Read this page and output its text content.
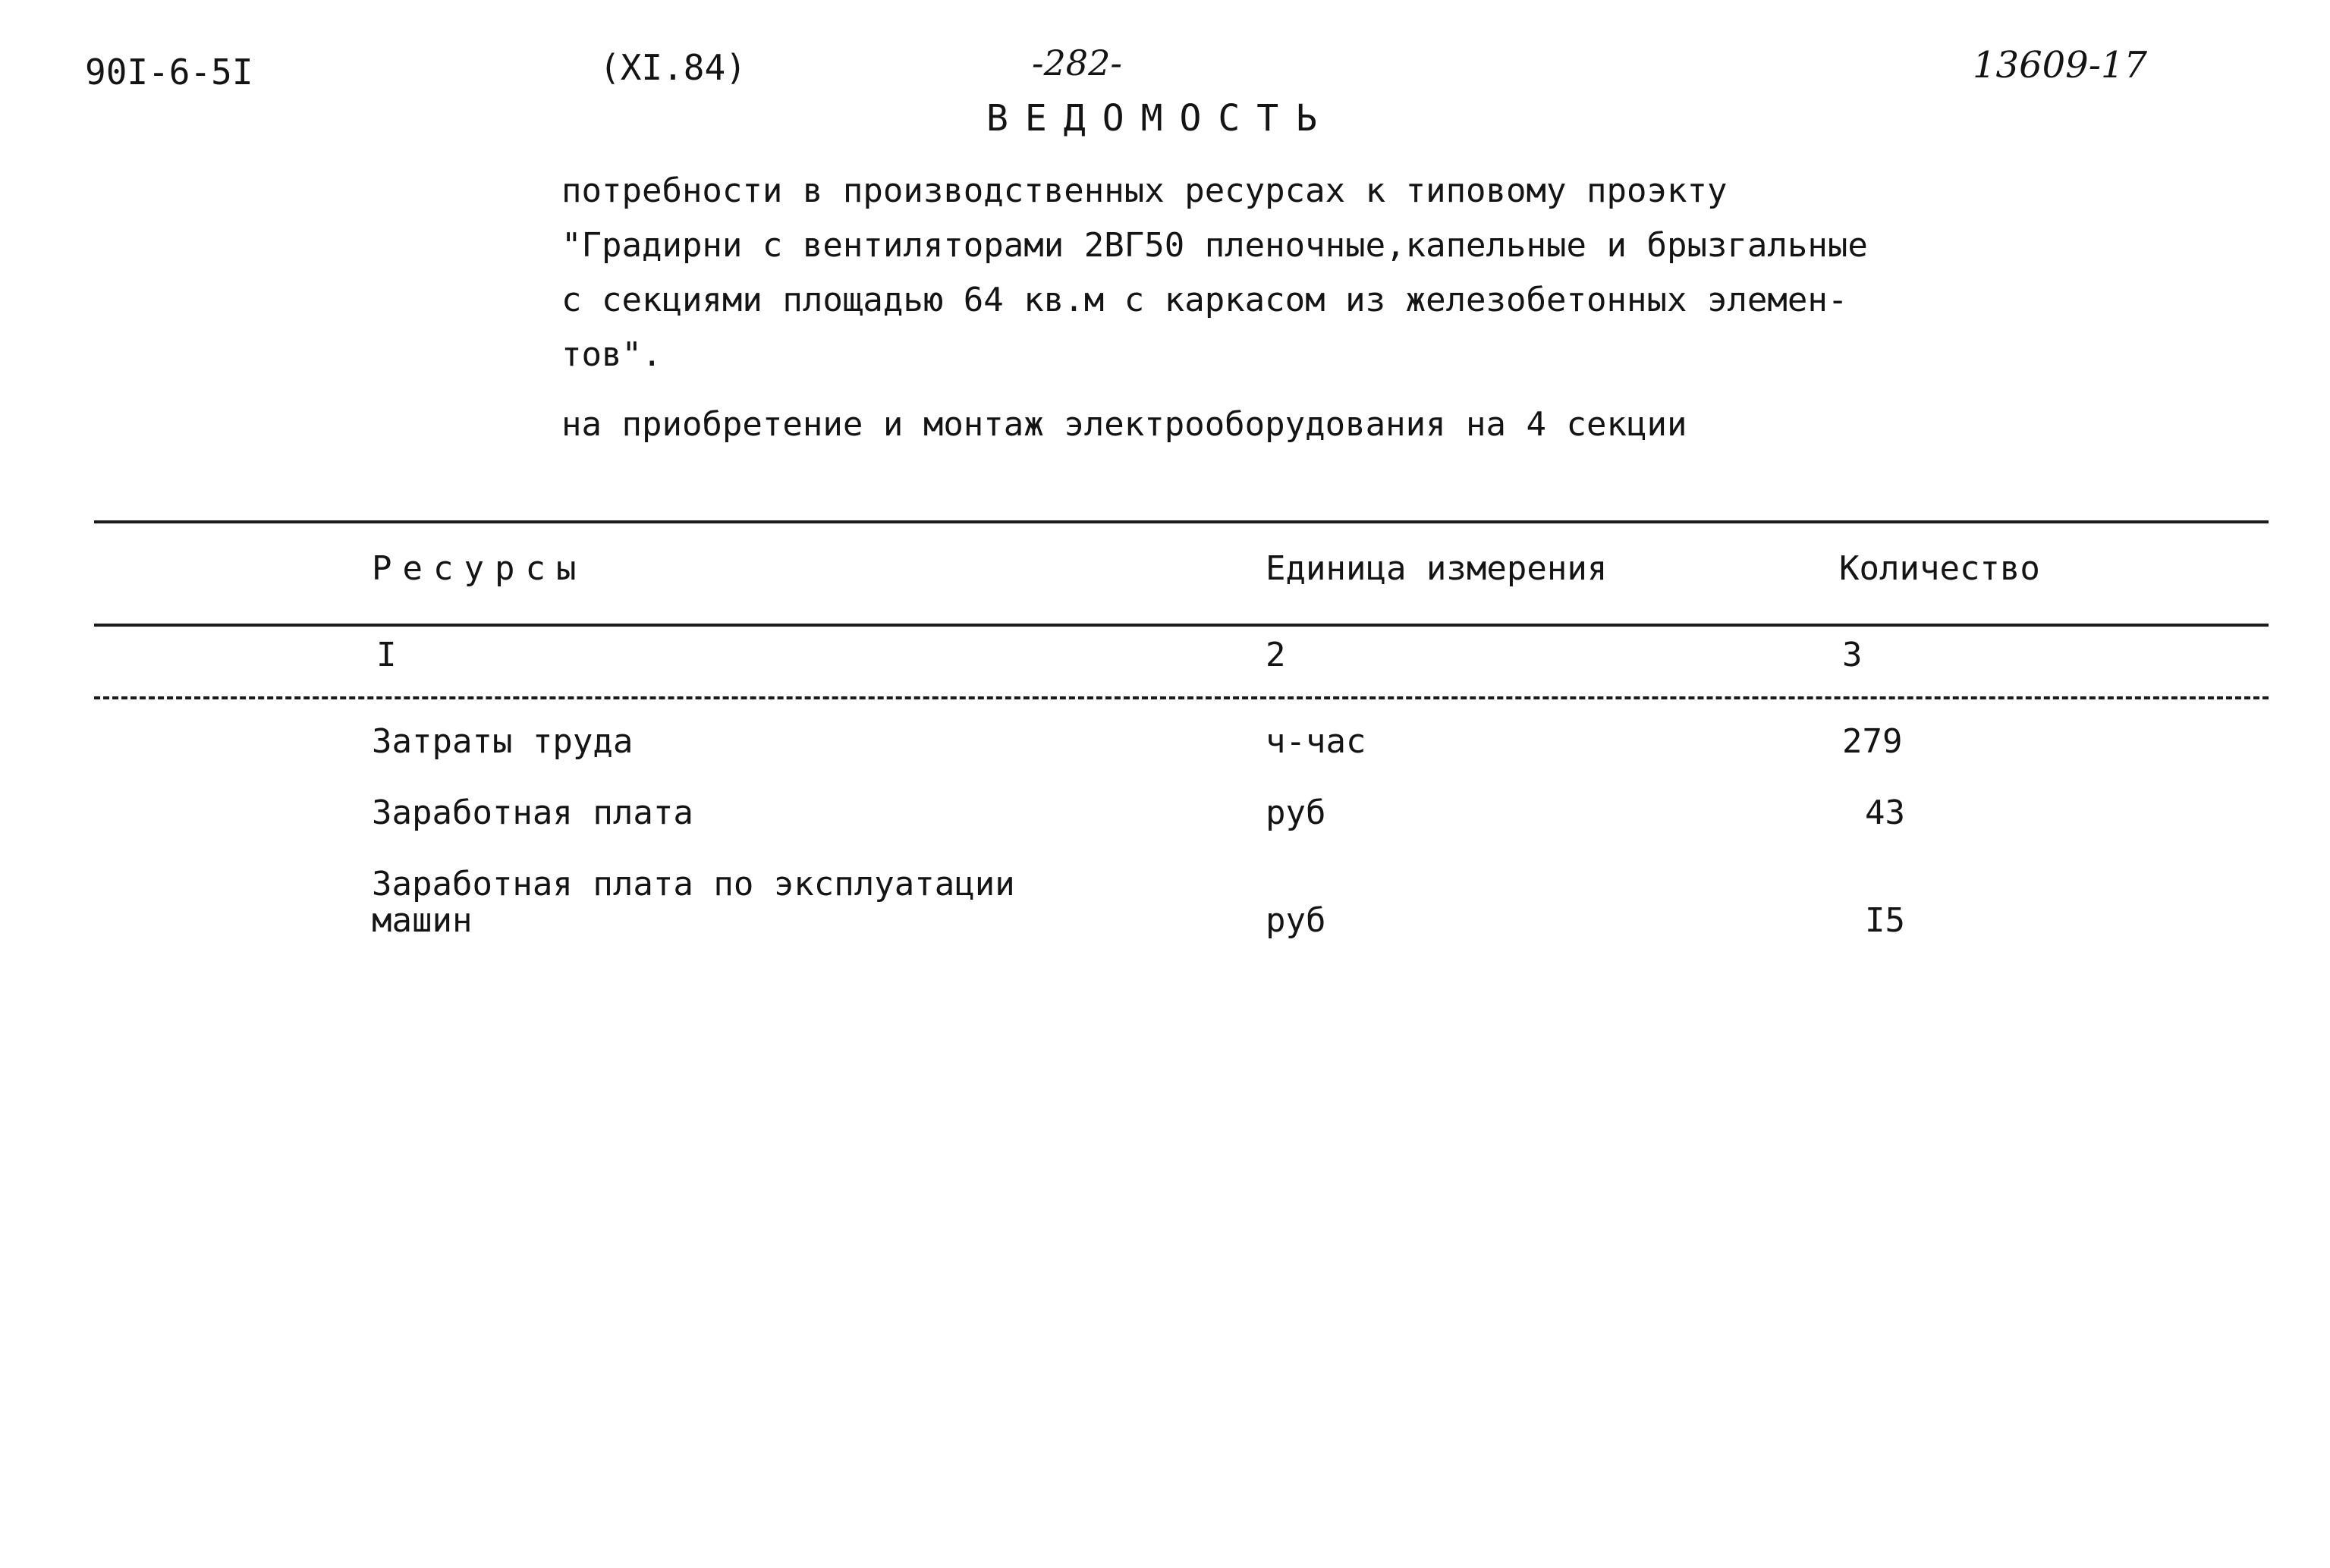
90I-6-5I	(XI.84)	-282-	13609-17
ВЕДОМОСТЬ
потребности в производственных ресурсах к типовому проэкту
"Градирни с вентиляторами 2ВГ50 пленочные,капельные и брызгальные
с секциями площадью 64 кв.м с каркасом из железобетонных элемен-
тов".
на приобретение и монтаж электрооборудования на 4 секции
Ресурсы	Единица измерения	Количество
I	2	3
Затраты труда	ч-час	279
Заработная плата	руб	43
Заработная плата по эксплуатации
машин	руб	I5
